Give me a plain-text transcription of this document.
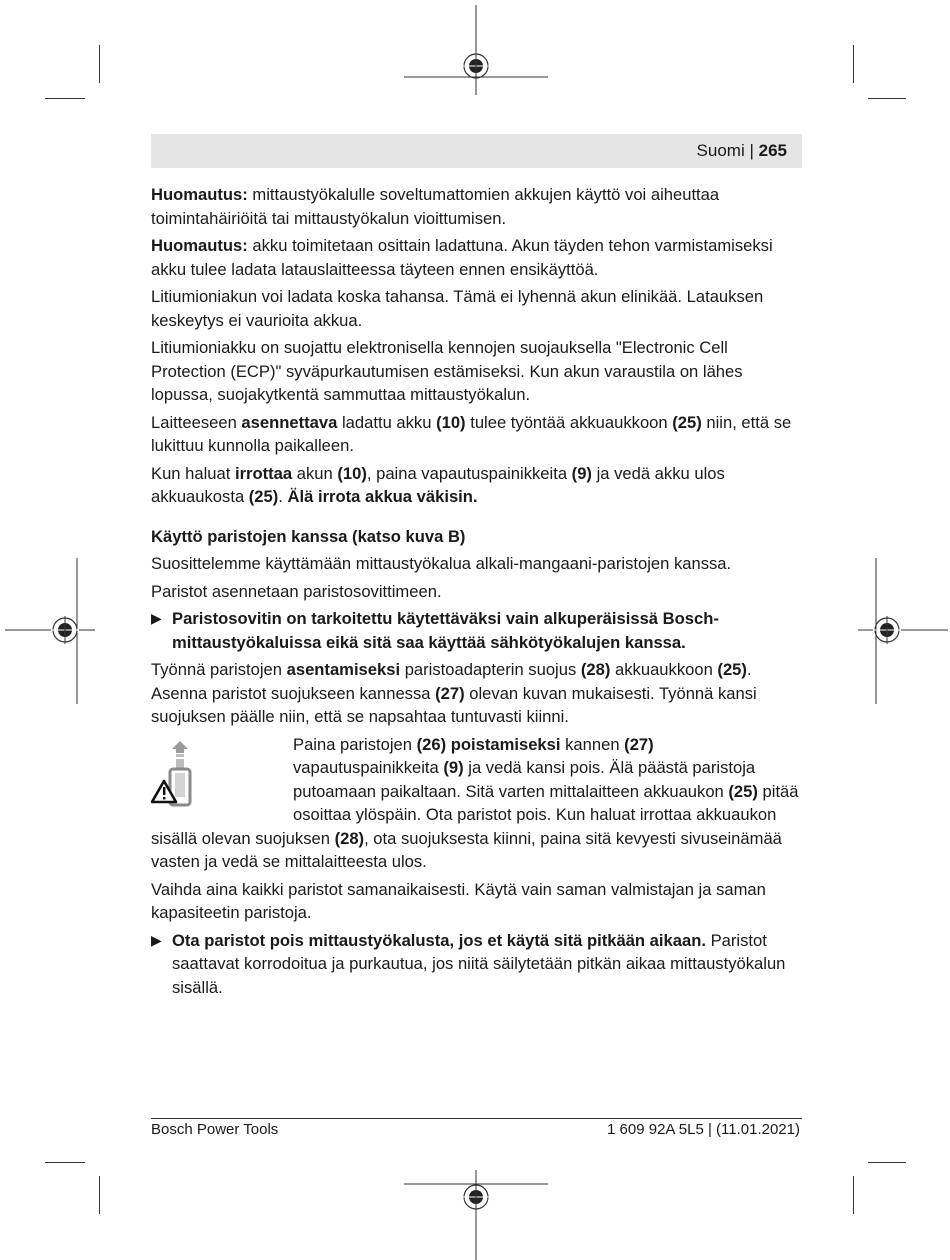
Suomi | 265

Huomautus: mittaustyökalulle soveltumattomien akkujen käyttö voi aiheuttaa toimintahäiriöitä tai mittaustyökalun vioittumisen.

Huomautus: akku toimitetaan osittain ladattuna. Akun täyden tehon varmistamiseksi akku tulee ladata latauslaitteessa täyteen ennen ensikäyttöä.

Litiumioniakun voi ladata koska tahansa. Tämä ei lyhennä akun elinikää. Latauksen keskeytys ei vaurioita akkua.

Litiumioniakku on suojattu elektronisella kennojen suojauksella "Electronic Cell Protection (ECP)" syväpurkautumisen estämiseksi. Kun akun varaustila on lähes lopussa, suojakytkentä sammuttaa mittaustyökalun.

Laitteeseen asennettava ladattu akku (10) tulee työntää akkuaukkoon (25) niin, että se lukittuu kunnolla paikalleen.

Kun haluat irrottaa akun (10), paina vapautuspainikkeita (9) ja vedä akku ulos akkuaukosta (25). Älä irrota akkua väkisin.

Käyttö paristojen kanssa (katso kuva B)

Suosittelemme käyttämään mittaustyökalua alkali-mangaani-paristojen kanssa.

Paristot asennetaan paristosovittimeen.

▶ Paristosovitin on tarkoitettu käytettäväksi vain alkuperäisissä Bosch-mittaustyökaluissa eikä sitä saa käyttää sähkötyökalujen kanssa.

Työnnä paristojen asentamiseksi paristoadapterin suojus (28) akkuaukkoon (25). Asenna paristot suojukseen kannessa (27) olevan kuvan mukaisesti. Työnnä kansi suojuksen päälle niin, että se napsahtaa tuntuvasti kiinni.

Paina paristojen (26) poistamiseksi kannen (27) vapautuspainikkeita (9) ja vedä kansi pois. Älä päästä paristoja putoamaan paikaltaan. Sitä varten mittalaitteen akkuaukon (25) pitää osoittaa ylöspäin. Ota paristot pois. Kun haluat irrottaa akkuaukon sisällä olevan suojuksen (28), ota suojuksesta kiinni, paina sitä kevyesti sivuseinämää vasten ja vedä se mittalaitteesta ulos.

Vaihda aina kaikki paristot samanaikaisesti. Käytä vain saman valmistajan ja saman kapasiteetin paristoja.

▶ Ota paristot pois mittaustyökalusta, jos et käytä sitä pitkään aikaan. Paristot saattavat korrodoitua ja purkautua, jos niitä säilytetään pitkän aikaa mittaustyökalun sisällä.
Bosch Power Tools	1 609 92A 5L5 | (11.01.2021)
